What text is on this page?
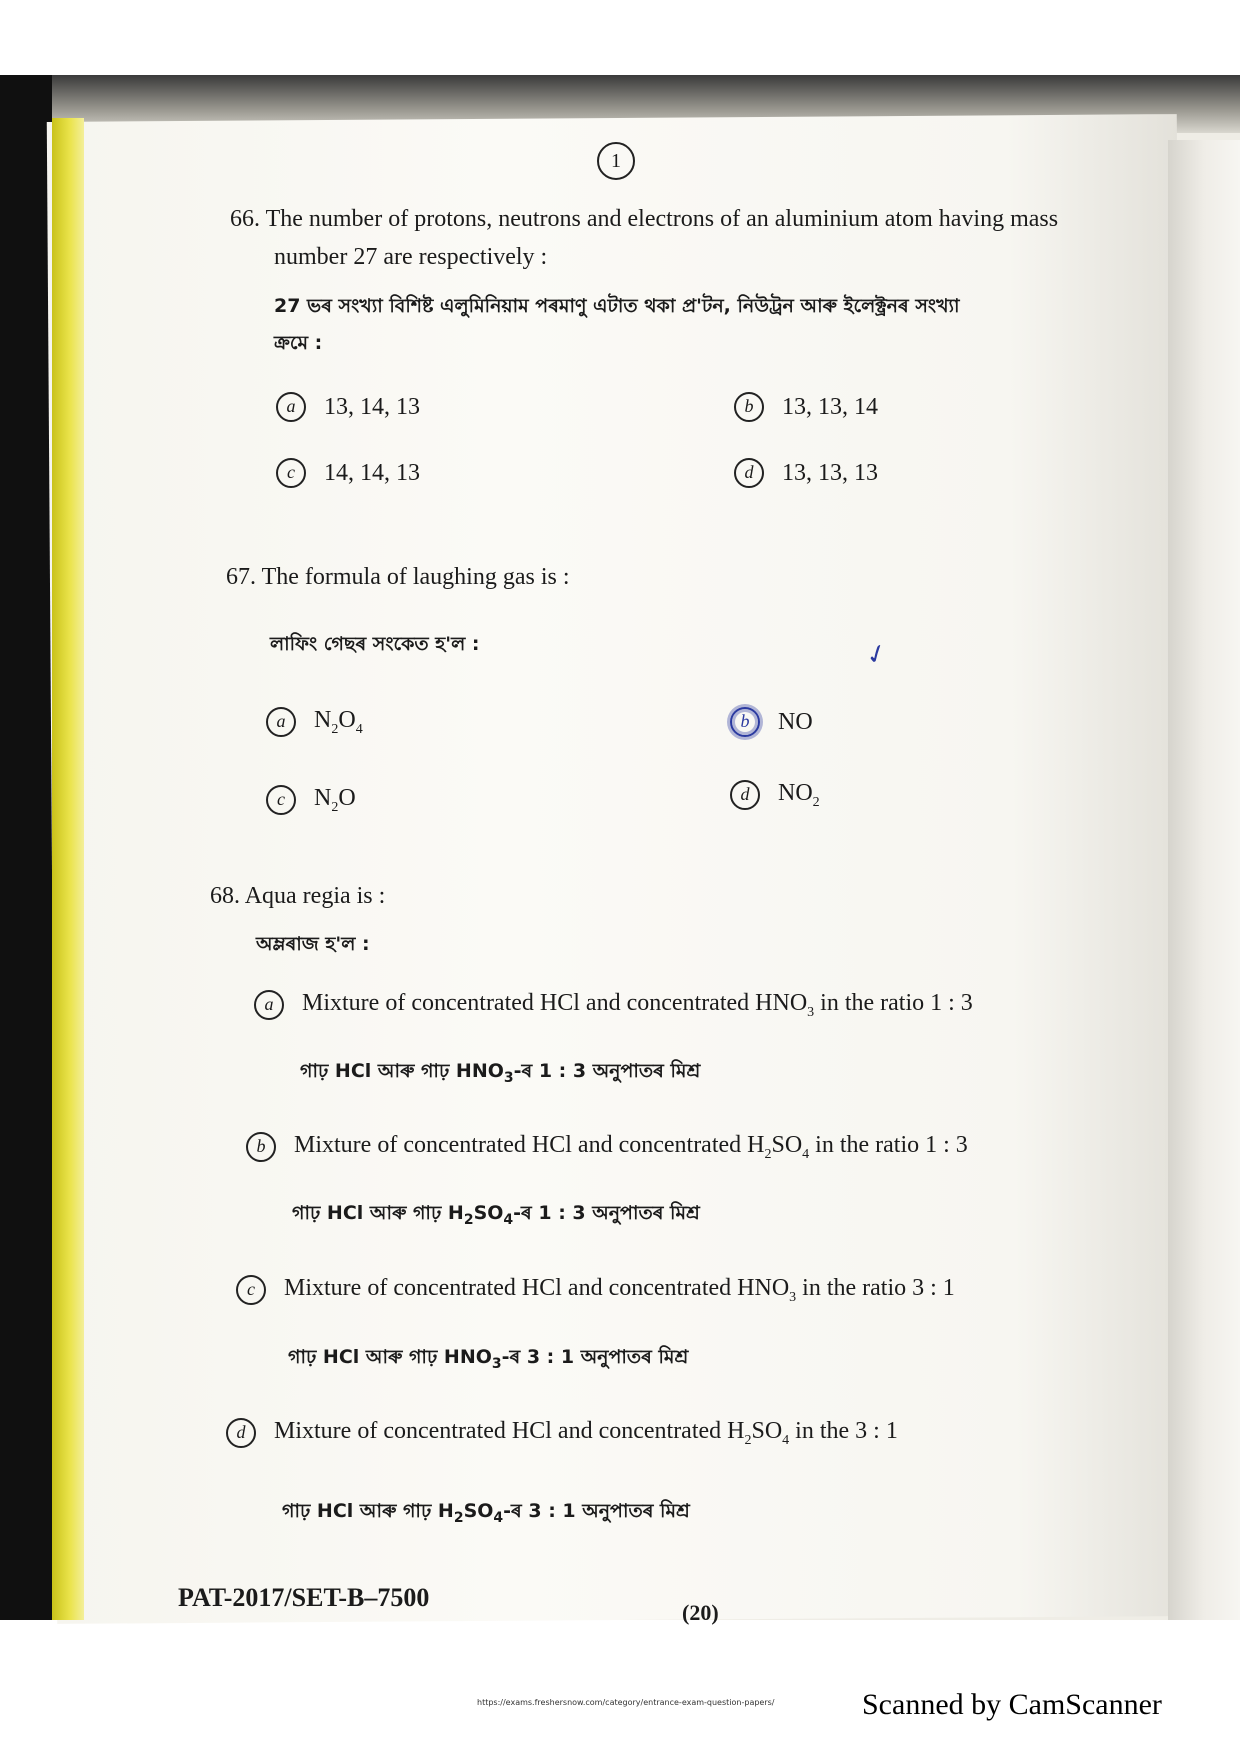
1
66. The number of protons, neutrons and electrons of an aluminium atom having mass
number 27 are respectively :
27 ভৰ সংখ্যা বিশিষ্ট এলুমিনিয়াম পৰমাণু এটাত থকা প্ৰ'টন, নিউট্ৰন আৰু ইলেক্ট্ৰনৰ সংখ্যা
ক্ৰমে :
a	13, 14, 13	b	13, 13, 14
c	14, 14, 13	d	13, 13, 13
67. The formula of laughing gas is :
লাফিং গেছৰ সংকেত হ'ল :	✓
a	$N_2O_4$	b	NO
c	$N_2O$	d	$NO_2$
68. Aqua regia is :
অম্লৰাজ হ'ল :
a	Mixture of concentrated HCl and concentrated $HNO_3$ in the ratio 1 : 3
গাঢ় HCl আৰু গাঢ় $HNO_3-ৰ$ 1 : 3 অনুপাতৰ মিশ্ৰ
b	Mixture of concentrated HCl and concentrated $H_2SO_4$ in the ratio 1 : 3
গাঢ় HCl আৰু গাঢ় $H_2SO_4-ৰ$ 1 : 3 অনুপাতৰ মিশ্ৰ
c	Mixture of concentrated HCl and concentrated $HNO_3$ in the ratio 3 : 1
গাঢ় HCl আৰু গাঢ় $HNO_3-ৰ$ 3 : 1 অনুপাতৰ মিশ্ৰ
d	Mixture of concentrated HCl and concentrated $H_2SO_4$ in the 3 : 1
গাঢ় HCl আৰু গাঢ় $H_2SO_4-ৰ$ 3 : 1 অনুপাতৰ মিশ্ৰ
PAT-2017/SET-B–7500
(20)
https://exams.freshersnow.com/category/entrance-exam-question-papers/	Scanned by CamScanner
